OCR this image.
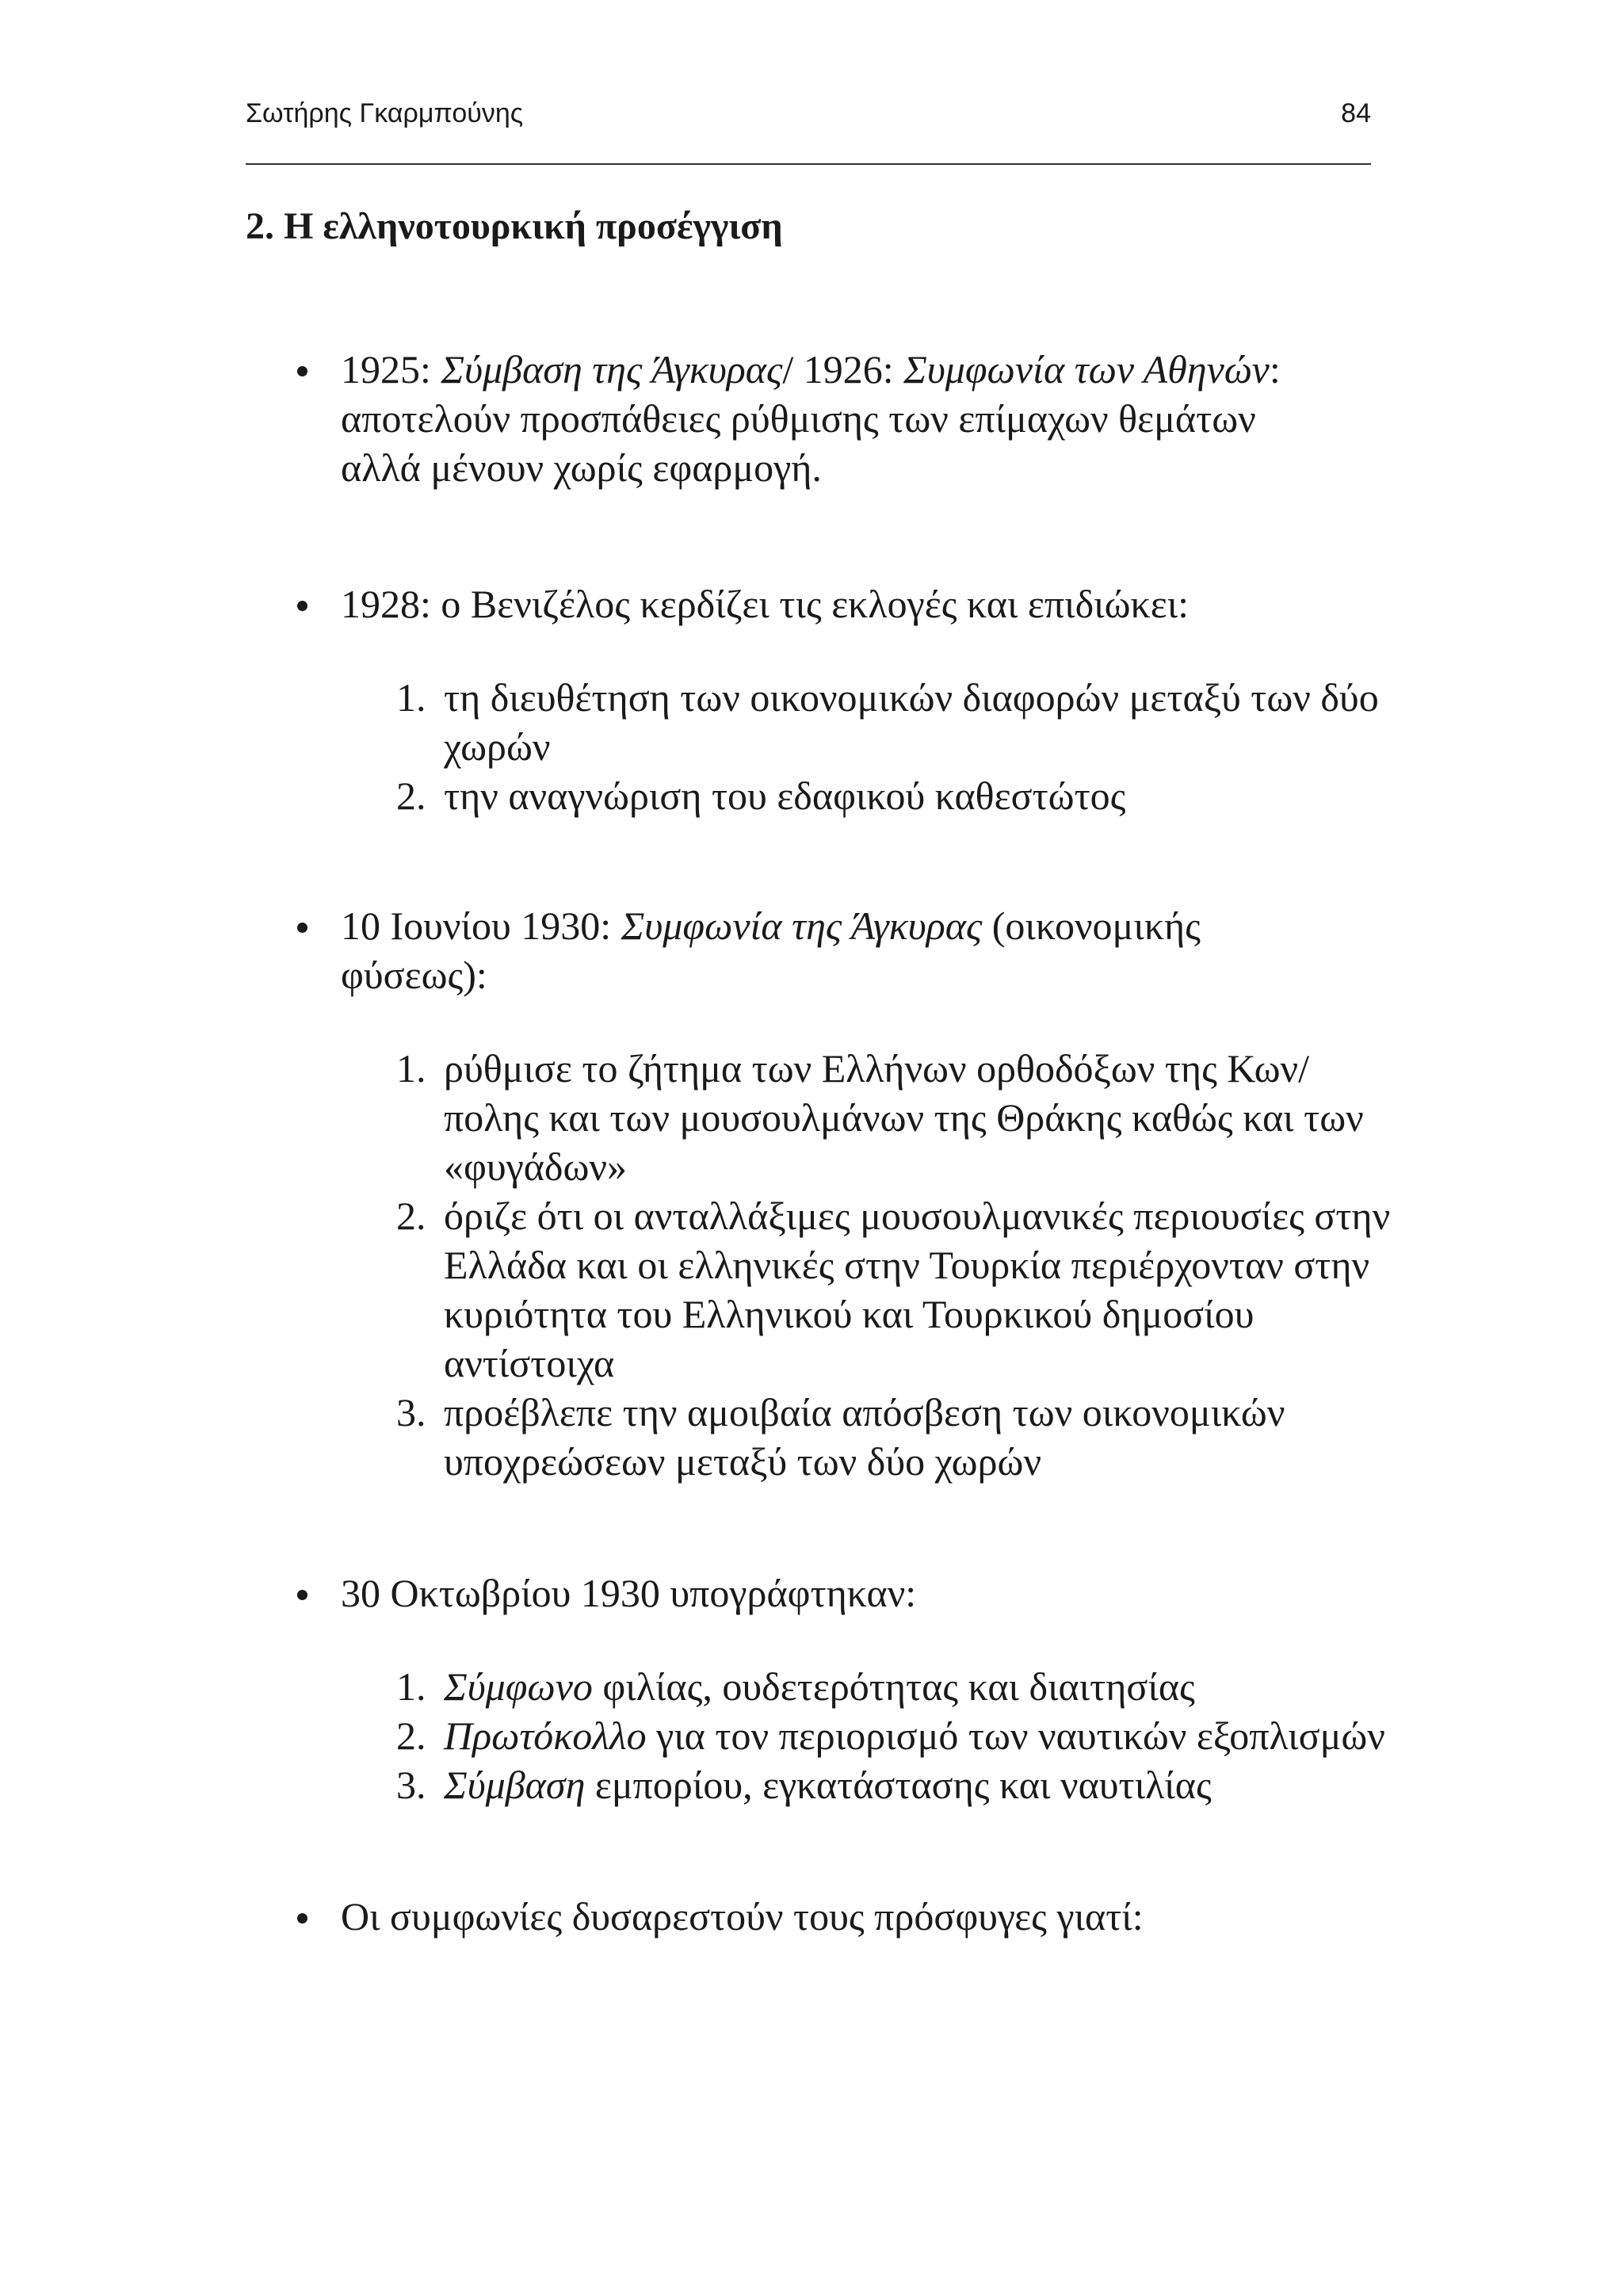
Σωτήρης Γκαρμπούνης	84
2. Η ελληνοτουρκική προσέγγιση
1925: Σύμβαση της Άγκυρας/ 1926: Συμφωνία των Αθηνών: αποτελούν προσπάθειες ρύθμισης των επίμαχων θεμάτων αλλά μένουν χωρίς εφαρμογή.
1928: ο Βενιζέλος κερδίζει τις εκλογές και επιδιώκει:
1. τη διευθέτηση των οικονομικών διαφορών μεταξύ των δύο χωρών
2. την αναγνώριση του εδαφικού καθεστώτος
10 Ιουνίου 1930: Συμφωνία της Άγκυρας (οικονομικής φύσεως):
1. ρύθμισε το ζήτημα των Ελλήνων ορθοδόξων της Κων/πολης και των μουσουλμάνων της Θράκης καθώς και των «φυγάδων»
2. όριζε ότι οι ανταλλάξιμες μουσουλμανικές περιουσίες στην Ελλάδα και οι ελληνικές στην Τουρκία περιέρχονταν στην κυριότητα του Ελληνικού και Τουρκικού δημοσίου αντίστοιχα
3. προέβλεπε την αμοιβαία απόσβεση των οικονομικών υποχρεώσεων μεταξύ των δύο χωρών
30 Οκτωβρίου 1930 υπογράφτηκαν:
1. Σύμφωνο φιλίας, ουδετερότητας και διαιτησίας
2. Πρωτόκολλο για τον περιορισμό των ναυτικών εξοπλισμών
3. Σύμβαση εμπορίου, εγκατάστασης και ναυτιλίας
Οι συμφωνίες δυσαρεστούν τους πρόσφυγες γιατί:
